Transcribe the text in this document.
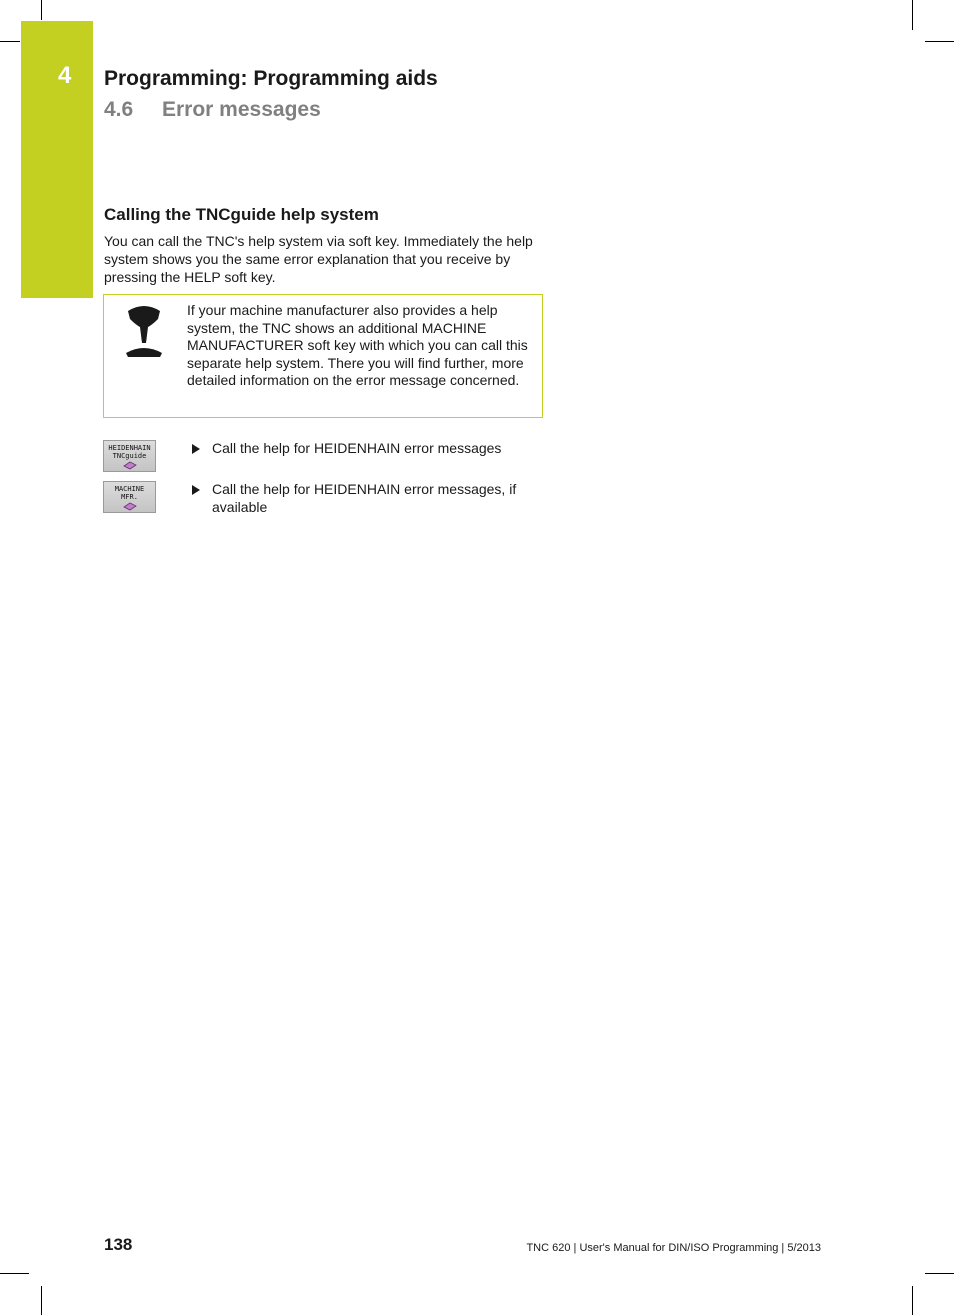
4 Programming: Programming aids
4.6 Error messages
Calling the TNCguide help system
You can call the TNC's help system via soft key. Immediately the help system shows you the same error explanation that you receive by pressing the HELP soft key.
If your machine manufacturer also provides a help system, the TNC shows an additional MACHINE MANUFACTURER soft key with which you can call this separate help system. There you will find further, more detailed information on the error message concerned.
HEIDENHAIN
TNCguide	Call the help for HEIDENHAIN error messages
MACHINE
MFR.	Call the help for HEIDENHAIN error messages, if available
138	TNC 620 | User's Manual for DIN/ISO Programming | 5/2013
